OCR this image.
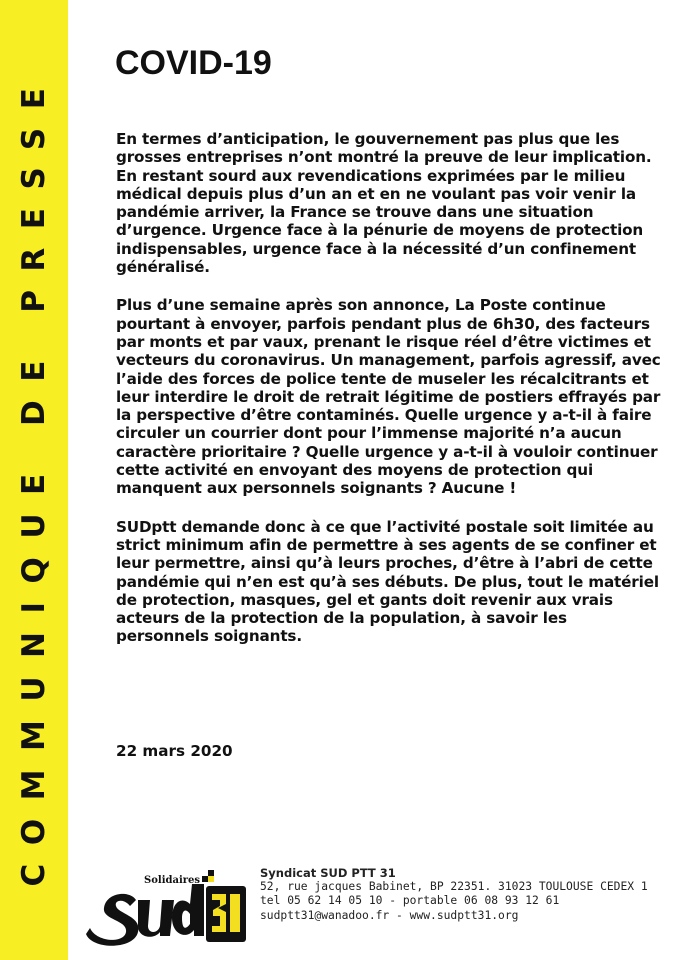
COMMUNIQUE DE PRESSE
COVID-19

En termes d’anticipation, le gouvernement pas plus que les grosses entreprises n’ont montré la preuve de leur implication. En restant sourd aux revendications exprimées par le milieu médical depuis plus d’un an et en ne voulant pas voir venir la pandémie arriver, la France se trouve dans une situation d’urgence. Urgence face à la pénurie de moyens de protection indispensables, urgence face à la nécessité d’un confinement généralisé.

Plus d’une semaine après son annonce, La Poste continue pourtant à envoyer, parfois pendant plus de 6h30, des facteurs par monts et par vaux, prenant le risque réel d’être victimes et vecteurs du coronavirus. Un management, parfois agressif, avec l’aide des forces de police tente de museler les récalcitrants et leur interdire le droit de retrait légitime de postiers effrayés par la perspective d’être contaminés. Quelle urgence y a-t-il à faire circuler un courrier dont pour l’immense majorité n’a aucun caractère prioritaire ? Quelle urgence y a-t-il à vouloir continuer cette activité en envoyant des moyens de protection qui manquent aux personnels soignants ? Aucune !

SUDptt demande donc à ce que l’activité postale soit limitée au strict minimum afin de permettre à ses agents de se confiner et leur permettre, ainsi qu’à leurs proches, d’être à l’abri de cette pandémie qui n’en est qu’à ses débuts. De plus, tout le matériel de protection, masques, gel et gants doit revenir aux vrais acteurs de la protection de la population, à savoir les personnels soignants.

22 mars 2020
Solidaires
Syndicat SUD PTT 31
52, rue jacques Babinet, BP 22351. 31023 TOULOUSE CEDEX 1
tel 05 62 14 05 10 - portable 06 08 93 12 61
sudptt31@wanadoo.fr - www.sudptt31.org
